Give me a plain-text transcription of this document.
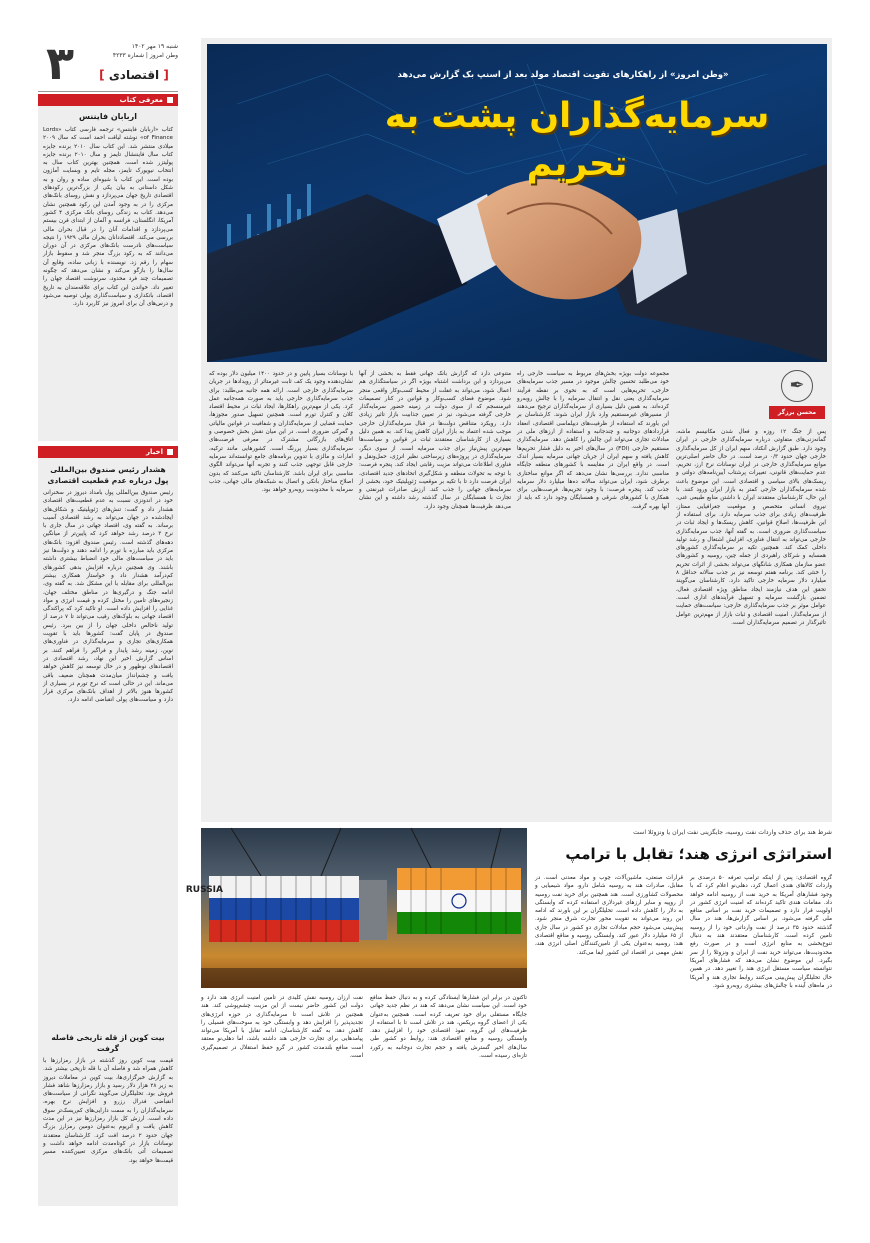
۳	شنبه ۱۹ مهر ۱۴۰۲
وطن امروز | شماره ۴۲۳۳
[ اقتصادی ]
معرفی کتاب
اربابان فایننس
کتاب «اربابان فایننس» ترجمه فارسی کتاب «Lords of Finance» نوشته لیاقت احمد است که سال ۲۰۰۹ میلادی منتشر شد. این کتاب سال ۲۰۱۰ برنده جایزه کتاب سال فایننشال تایمز و سال ۲۰۱۰ برنده جایزه پولیتزر شده است. همچنین بهترین کتاب سال به انتخاب نیویورک تایمز، مجله تایم و وبسایت آمازون بوده است. این کتاب با شیوه‌ای ساده و روان و به شکل داستانی به بیان یکی از بزرگ‌ترین رکودهای اقتصادی تاریخ جهان می‌پردازد و نقش روسای بانک‌های مرکزی را در به وجود آمدن این رکود همچنین نشان می‌دهد. کتاب به زندگی روسای بانک مرکزی ۴ کشور آمریکا، انگلستان، فرانسه و آلمان از ابتدای قرن بیستم می‌پردازد و اقدامات آنان را در قبال بحران مالی بررسی می‌کند. اقتصاددانان بحران مالی ۱۹۲۹ را نتیجه سیاست‌های نادرست بانک‌های مرکزی در آن دوران می‌دانند که به رکود بزرگ منجر شد و سقوط بازار سهام را رقم زد. نویسنده با زبانی ساده، وقایع آن سال‌ها را بازگو می‌کند و نشان می‌دهد که چگونه تصمیمات چند فرد محدود، سرنوشت اقتصاد جهان را تغییر داد. خواندن این کتاب برای علاقه‌مندان به تاریخ اقتصاد، بانکداری و سیاست‌گذاری پولی توصیه می‌شود و درس‌های آن برای امروز نیز کاربرد دارد.
اخبار
هشدار رئیس صندوق بین‌المللی پول درباره عدم قطعیت اقتصادی
رئیس صندوق بین‌المللی پول بامداد دیروز در سخنرانی خود در اندونزی نسبت به عدم قطعیت‌های اقتصادی هشدار داد و گفت: تنش‌های ژئوپلیتیک و شکاف‌های ایجادشده در جهان می‌تواند به رشد اقتصادی آسیب برساند. به گفته وی، اقتصاد جهانی در سال جاری با نرخ ۳ درصد رشد خواهد کرد که پایین‌تر از میانگین دهه‌های گذشته است. رئیس صندوق افزود: بانک‌های مرکزی باید مبارزه با تورم را ادامه دهند و دولت‌ها نیز باید در سیاست‌های مالی خود انضباط بیشتری داشته باشند. وی همچنین درباره افزایش بدهی کشورهای کم‌درآمد هشدار داد و خواستار همکاری بیشتر بین‌المللی برای مقابله با این مشکل شد. به گفته وی، ادامه جنگ و درگیری‌ها در مناطق مختلف جهان، زنجیره‌های تامین را مختل کرده و قیمت انرژی و مواد غذایی را افزایش داده است. او تاکید کرد که پراکندگی اقتصاد جهانی به بلوک‌های رقیب می‌تواند تا ۷ درصد از تولید ناخالص داخلی جهان را از بین ببرد. رئیس صندوق در پایان گفت: کشورها باید با تقویت همکاری‌های تجاری و سرمایه‌گذاری در فناوری‌های نوین، زمینه رشد پایدار و فراگیر را فراهم کنند. بر اساس گزارش اخیر این نهاد، رشد اقتصادی در اقتصادهای نوظهور و در حال توسعه نیز کاهش خواهد یافت و چشم‌انداز میان‌مدت همچنان ضعیف باقی می‌ماند. این در حالی است که نرخ تورم در بسیاری از کشورها هنوز بالاتر از اهداف بانک‌های مرکزی قرار دارد و سیاست‌های پولی انقباضی ادامه دارد.
بیت کوین از قله تاریخی فاصله گرفت
قیمت بیت کوین روز گذشته در بازار رمزارزها با کاهش همراه شد و فاصله آن با قله تاریخی بیشتر شد. به گزارش خبرگزاری‌ها، بیت کوین در معاملات دیروز به زیر ۲۸ هزار دلار رسید و بازار رمزارزها شاهد فشار فروش بود. تحلیلگران می‌گویند نگرانی از سیاست‌های انقباضی فدرال رزرو و افزایش نرخ بهره، سرمایه‌گذاران را به سمت دارایی‌های کم‌ریسک‌تر سوق داده است. ارزش کل بازار رمزارزها نیز در این مدت کاهش یافت و اتریوم به‌عنوان دومین رمزارز بزرگ جهان حدود ۲ درصد افت کرد. کارشناسان معتقدند نوسانات بازار در کوتاه‌مدت ادامه خواهد داشت و تصمیمات آتی بانک‌های مرکزی تعیین‌کننده مسیر قیمت‌ها خواهد بود.
«وطن امروز» از راهکارهای تقویت اقتصاد مولد بعد از اسنپ بک گزارش می‌دهد
سرمایه‌گذاران پشت به تحریم
✒
محسن برزگر
پس از جنگ ۱۲ روزه و فعال شدن مکانیسم ماشه، گمانه‌زنی‌های متفاوتی درباره سرمایه‌گذاری خارجی در ایران وجود دارد. طبق گزارش آنکتاد، سهم ایران از کل سرمایه‌گذاری خارجی جهان حدود ۰/۳ درصد است. در حال حاضر اصلی‌ترین موانع سرمایه‌گذاری خارجی در ایران نوسانات نرخ ارز، تحریم، عدم حمایت‌های قانونی، تغییرات پرشتاب آیین‌نامه‌های دولتی و ریسک‌های بالای سیاسی و اقتصادی است. این موضوع باعث شده سرمایه‌گذاران خارجی کمتر به بازار ایران ورود کنند. با این حال، کارشناسان معتقدند ایران با داشتن منابع طبیعی غنی، نیروی انسانی متخصص و موقعیت جغرافیایی ممتاز، ظرفیت‌های زیادی برای جذب سرمایه دارد. برای استفاده از این ظرفیت‌ها، اصلاح قوانین، کاهش ریسک‌ها و ایجاد ثبات در سیاست‌گذاری ضروری است. به گفته آنها، جذب سرمایه‌گذاری خارجی می‌تواند به انتقال فناوری، افزایش اشتغال و رشد تولید داخلی کمک کند. همچنین تکیه بر سرمایه‌گذاری کشورهای همسایه و شرکای راهبردی از جمله چین، روسیه و کشورهای عضو سازمان همکاری شانگهای می‌تواند بخشی از اثرات تحریم را خنثی کند. برنامه هفتم توسعه نیز بر جذب سالانه حداقل ۸ میلیارد دلار سرمایه خارجی تاکید دارد. کارشناسان می‌گویند تحقق این هدف نیازمند ایجاد مناطق ویژه اقتصادی فعال، تضمین بازگشت سرمایه و تسهیل فرآیندهای اداری است. عوامل موثر بر جذب سرمایه‌گذاری خارجی: سیاست‌های حمایت از سرمایه‌گذار، امنیت اقتصادی و ثبات بازار از مهم‌ترین عوامل تاثیرگذار در تصمیم سرمایه‌گذاران است.
مجموعه دولت بویژه بخش‌های مربوط به سیاست خارجی راه خود می‌طلبد تحسین چالش موجود در مسیر جذب سرمایه‌های خارجی، تحریم‌هایی است که به نحوی بر نقطه فرآیند سرمایه‌گذاری یعنی نقل و انتقال سرمایه را با چالش روبه‌رو کرده‌اند. به همین دلیل بسیاری از سرمایه‌گذاران ترجیح می‌دهند از مسیرهای غیرمستقیم وارد بازار ایران شوند. کارشناسان بر این باورند که استفاده از ظرفیت‌های دیپلماسی اقتصادی، انعقاد قراردادهای دوجانبه و چندجانبه و استفاده از ارزهای ملی در مبادلات تجاری می‌تواند این چالش را کاهش دهد. سرمایه‌گذاری مستقیم خارجی (FDI) در سال‌های اخیر به دلیل فشار تحریم‌ها کاهش یافته و سهم ایران از جریان جهانی سرمایه بسیار اندک است. در واقع ایران در مقایسه با کشورهای منطقه جایگاه مناسبی ندارد. بررسی‌ها نشان می‌دهد که اگر موانع ساختاری برطرف شود، ایران می‌تواند سالانه ده‌ها میلیارد دلار سرمایه جذب کند. پنجره فرصت: با وجود تحریم‌ها، فرصت‌هایی برای همکاری با کشورهای شرقی و همسایگان وجود دارد که باید از آنها بهره گرفت.
متنوعی دارد که گزارش بانک جهانی فقط به بخشی از آنها می‌پردازد و این برداشت اشتباه بویژه اگر در سیاستگذاری هم اعمال شود، می‌تواند به غفلت از محیط کسب‌وکار واقعی منجر شود. موضوع فضای کسب‌وکار و قوانین در کنار تصمیمات غیرمنسجم که از سوی دولت در زمینه حضور سرمایه‌گذار خارجی گرفته می‌شود، نیز در تعیین جذابیت بازار تاثیر زیادی دارد. رویکرد متناقض دولت‌ها در قبال سرمایه‌گذاران خارجی موجب شده اعتماد به بازار ایران کاهش پیدا کند. به همین دلیل بسیاری از کارشناسان معتقدند ثبات در قوانین و سیاست‌ها مهم‌ترین پیش‌نیاز برای جذب سرمایه است. از سوی دیگر، سرمایه‌گذاری در پروژه‌های زیرساختی نظیر انرژی، حمل‌ونقل و فناوری اطلاعات می‌تواند مزیت رقابتی ایجاد کند. پنجره فرصت: با توجه به تحولات منطقه و شکل‌گیری اتحادهای جدید اقتصادی، ایران فرصت دارد تا با تکیه بر موقعیت ژئوپلیتیک خود، بخشی از سرمایه‌های جهانی را جذب کند. ارزش صادرات غیرنفتی و تجارت با همسایگان در سال گذشته رشد داشته و این نشان می‌دهد ظرفیت‌ها همچنان وجود دارد.
با نوسانات بسیار پایین و در حدود ۱۴۰۰ میلیون دلار بوده که نشان‌دهنده وجود یک کف ثابت غیرمتاثر از رویدادها در جریان سرمایه‌گذاری خارجی است. ارائه همه جانبه می‌طلبد: برای جذب سرمایه‌گذاری خارجی باید به صورت همه‌جانبه عمل کرد. یکی از مهم‌ترین راهکارها، ایجاد ثبات در محیط اقتصاد کلان و کنترل تورم است. همچنین تسهیل صدور مجوزها، حمایت قضایی از سرمایه‌گذاران و شفافیت در قوانین مالیاتی و گمرکی ضروری است. در این میان نقش بخش خصوصی و اتاق‌های بازرگانی مشترک در معرفی فرصت‌های سرمایه‌گذاری بسیار پررنگ است. کشورهایی مانند ترکیه، امارات و مالزی با تدوین برنامه‌های جامع توانسته‌اند سرمایه خارجی قابل توجهی جذب کنند و تجربه آنها می‌تواند الگوی مناسبی برای ایران باشد. کارشناسان تاکید می‌کنند که بدون اصلاح ساختار بانکی و اتصال به شبکه‌های مالی جهانی، جذب سرمایه با محدودیت روبه‌رو خواهد بود.
شرط هند برای حذف واردات نفت روسیه، جایگزینی نفت ایران یا ونزوئلا است
استراتژی انرژی هند؛ تقابل با ترامپ
RUSSIA
گروه اقتصادی: پس از اینکه ترامپ تعرفه ۵۰ درصدی بر واردات کالاهای هندی اعمال کرد، دهلی‌نو اعلام کرد که با وجود فشارهای آمریکا به خرید نفت از روسیه ادامه خواهد داد. مقامات هندی تاکید کرده‌اند که امنیت انرژی کشور در اولویت قرار دارد و تصمیمات خرید نفت بر اساس منافع ملی گرفته می‌شود. بر اساس گزارش‌ها، هند در سال گذشته حدود ۳۵ درصد از نفت وارداتی خود را از روسیه تامین کرده است. کارشناسان معتقدند هند به دنبال تنوع‌بخشی به منابع انرژی است و در صورت رفع محدودیت‌ها، می‌تواند خرید نفت از ایران و ونزوئلا را از سر بگیرد. این موضوع نشان می‌دهد که فشارهای آمریکا نتوانسته سیاست مستقل انرژی هند را تغییر دهد. در همین حال تحلیلگران پیش‌بینی می‌کنند روابط تجاری هند و آمریکا در ماه‌های آینده با چالش‌های بیشتری روبه‌رو شود.
قرارات صنعتی، ماشین‌آلات، چوب و مواد معدنی است. در مقابل، صادرات هند به روسیه شامل دارو، مواد شیمیایی و محصولات کشاورزی است. هند همچنین برای خرید نفت روسیه از روپیه و سایر ارزهای غیردلاری استفاده کرده که وابستگی به دلار را کاهش داده است. تحلیلگران بر این باورند که ادامه این روند می‌تواند به تقویت محور تجارت شرق منجر شود. پیش‌بینی می‌شود حجم مبادلات تجاری دو کشور در سال جاری از ۶۵ میلیارد دلار عبور کند. وابستگی روسیه و مناقع اقتصادی هند: روسیه به‌عنوان یکی از تامین‌کنندگان اصلی انرژی هند، نقش مهمی در اقتصاد این کشور ایفا می‌کند.
تاکنون در برابر این فشارها ایستادگی کرده و به دنبال حفظ منافع خود است. این سیاست نشان می‌دهد که هند در نظم جدید جهانی جایگاه مستقلی برای خود تعریف کرده است. همچنین به‌عنوان یکی از اعضای گروه بریکس، هند در تلاش است تا با استفاده از ظرفیت‌های این گروه، نفوذ اقتصادی خود را افزایش دهد. وابستگی روسیه و منافع اقتصادی هند: روابط دو کشور طی سال‌های اخیر گسترش یافته و حجم تجارت دوجانبه به رکورد تازه‌ای رسیده است.
نفت ارزان روسیه نقش کلیدی در تامین امنیت انرژی هند دارد و دولت این کشور حاضر نیست از این مزیت چشم‌پوشی کند. هند همچنین در تلاش است تا سرمایه‌گذاری در حوزه انرژی‌های تجدیدپذیر را افزایش دهد و وابستگی خود به سوخت‌های فسیلی را کاهش دهد. به گفته کارشناسان، ادامه تقابل با آمریکا می‌تواند پیامدهایی برای تجارت خارجی هند داشته باشد، اما دهلی‌نو معتقد است منافع بلندمدت کشور در گرو حفظ استقلال در تصمیم‌گیری است.
